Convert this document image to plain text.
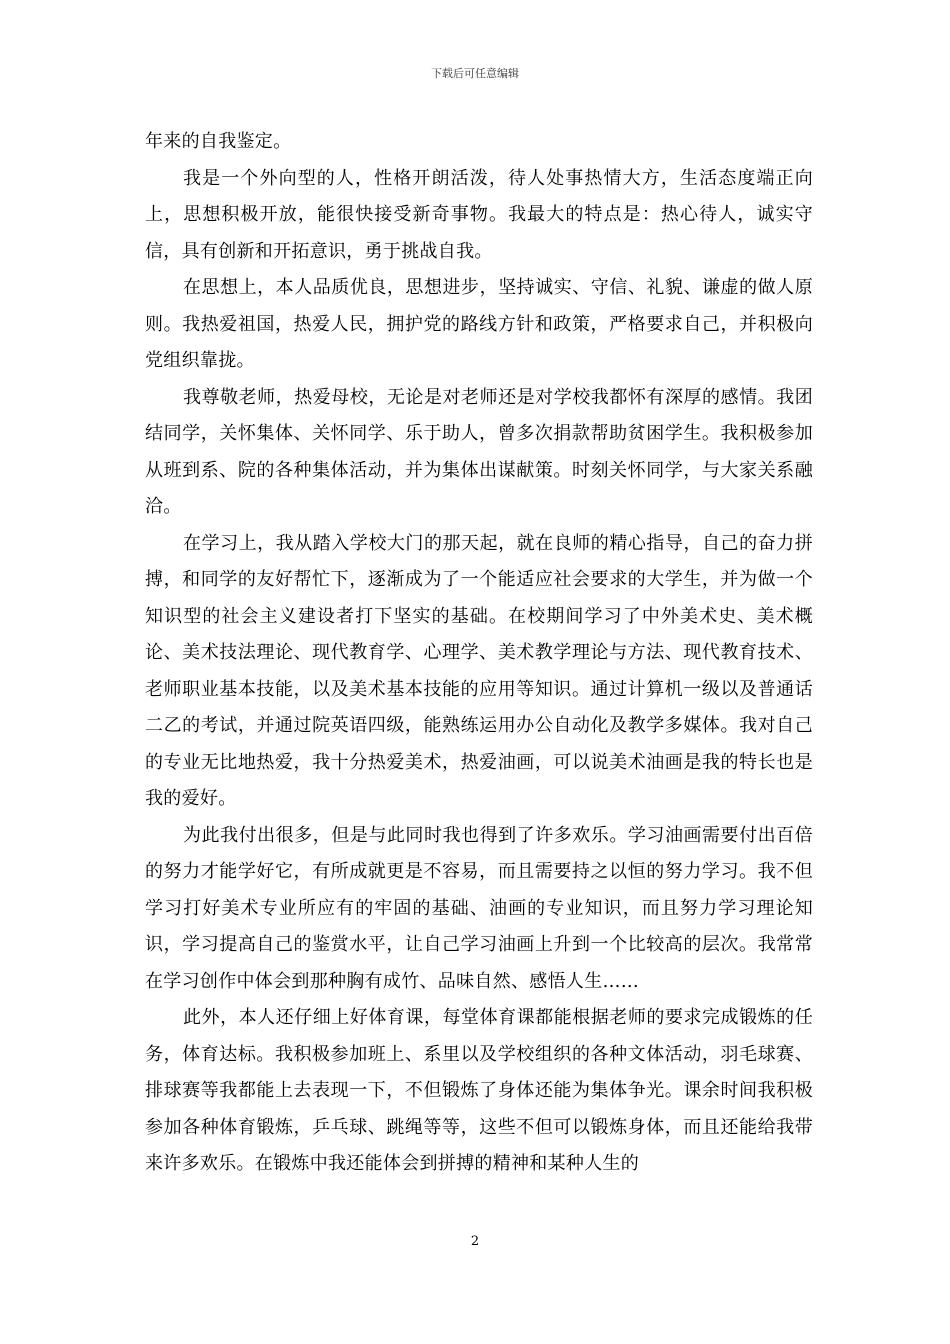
下载后可任意编辑

年来的自我鉴定。

我是一个外向型的人，性格开朗活泼，待人处事热情大方，生活态度端正向上，思想积极开放，能很快接受新奇事物。我最大的特点是：热心待人，诚实守信，具有创新和开拓意识，勇于挑战自我。

在思想上，本人品质优良，思想进步，坚持诚实、守信、礼貌、谦虚的做人原则。我热爱祖国，热爱人民，拥护党的路线方针和政策，严格要求自己，并积极向党组织靠拢。

我尊敬老师，热爱母校，无论是对老师还是对学校我都怀有深厚的感情。我团结同学，关怀集体、关怀同学、乐于助人，曾多次捐款帮助贫困学生。我积极参加从班到系、院的各种集体活动，并为集体出谋献策。时刻关怀同学，与大家关系融洽。

在学习上，我从踏入学校大门的那天起，就在良师的精心指导，自己的奋力拼搏，和同学的友好帮忙下，逐渐成为了一个能适应社会要求的大学生，并为做一个知识型的社会主义建设者打下坚实的基础。在校期间学习了中外美术史、美术概论、美术技法理论、现代教育学、心理学、美术教学理论与方法、现代教育技术、老师职业基本技能，以及美术基本技能的应用等知识。通过计算机一级以及普通话二乙的考试，并通过院英语四级，能熟练运用办公自动化及教学多媒体。我对自己的专业无比地热爱，我十分热爱美术，热爱油画，可以说美术油画是我的特长也是我的爱好。

为此我付出很多，但是与此同时我也得到了许多欢乐。学习油画需要付出百倍的努力才能学好它，有所成就更是不容易，而且需要持之以恒的努力学习。我不但学习打好美术专业所应有的牢固的基础、油画的专业知识，而且努力学习理论知识，学习提高自己的鉴赏水平，让自己学习油画上升到一个比较高的层次。我常常在学习创作中体会到那种胸有成竹、品味自然、感悟人生……

此外，本人还仔细上好体育课，每堂体育课都能根据老师的要求完成锻炼的任务，体育达标。我积极参加班上、系里以及学校组织的各种文体活动，羽毛球赛、排球赛等我都能上去表现一下，不但锻炼了身体还能为集体争光。课余时间我积极参加各种体育锻炼，乒乓球、跳绳等等，这些不但可以锻炼身体，而且还能给我带来许多欢乐。在锻炼中我还能体会到拼搏的精神和某种人生的

2
